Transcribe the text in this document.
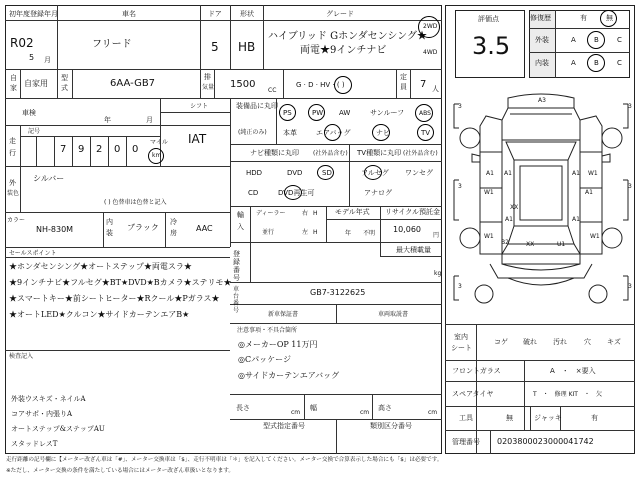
初年度登録年月
R02
5 月
車名
フリード
ドア
5
形状
HB
グレード
ハイブリッド Gホンダセンシング★
両電★9インチナビ
2WD
4WD
自
家 自家用
型
式	6AA-GB7
排
気量 1500
CC
G · D · HV · ( )
定
員 7 人
車検
年	月
シフト
IAT
走
行
記号
7 9 2 0 0
マイル
km
外
装色
シルバー
( ) 色替車は色替と記入
カラー
NH-830M
内
装
ブラック
冷
房 AAC
装備品に丸印
(純正のみ)
PS	PW AW	サンルーフ ABS
本革	エアバッグ	ナビ	TV
ナビ種類に丸印 (社外品含む)
HDD	DVD	SD
CD	DVD再生可
TV種類に丸印 (社外品含む)
フルセグ ワンセグ
アナログ
輸
入
ディーラー
並行
右 H
左 H
モデル年式
年　　不明
リサイクル預託金
10,060
円
最大積載量
kg
登録番号
車台番号
GB7-3122625
セールスポイント
★ホンダセンシング★オートステップ★両電スラ★
★9インチナビ★フルセグ★BT★DVD★Bカメラ★ステリモ★
★スマートキー★前シートヒーター★Rクール★Pガラス★
★オートLED★クルコン★サイドカーテンエアB★
検査記入
外装ウスキズ・ネイルA
コアサポ・内張りA
オートステップ&ステップAU
スタッドレスT
新車保証書	車両取説書
注意事項・不具合箇所
◎メーカーOP 11万円
◎Cパッケージ
◎サイドカーテンエアバッグ
長さ
cm
幅
cm
高さ
cm
型式指定番号	類別区分番号
評価点
3.5
修復歴	有	無
外装	A	B	C
内装	A	B	C
A3
A1 A1
W1
A1 W1
A1
XX
A1
W1
A1
W1
B2	XX	U1
3
3
3
3
3
3
室内
シート
コゲ 破れ 汚れ 穴 キズ
フロントガラス	A　・　×要入
スペアタイヤ	T　・　修理 KIT　・　欠
工具	無	ジャッキ	有
管理番号 0203800023000041742
走行距離の記号欄に【メーター改ざん車は「#」、メーター交換車は「$」、走行不明車は「＊」を記入してください。メーター交換で合算表示した場合にも「$」は必要です。
※ただし、メーター交換の条件を満たしている場合にはメーター改ざん車扱いとなります。
